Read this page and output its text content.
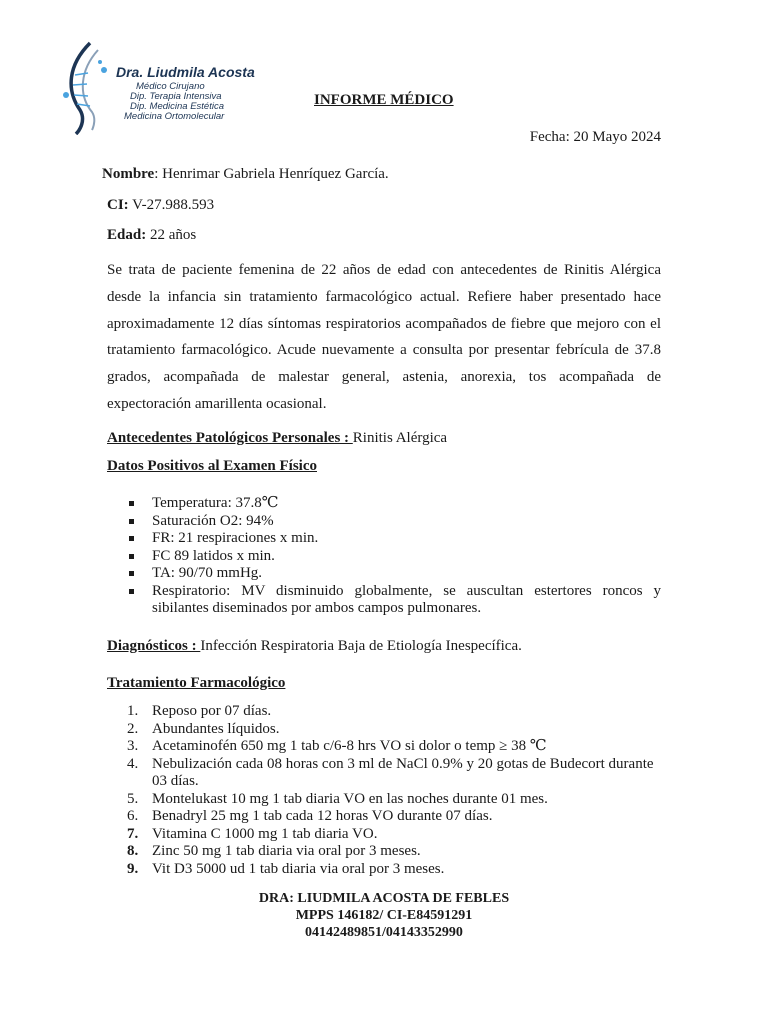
Dra. Liudmila Acosta
Médico Cirujano
Dip. Terapia Intensiva
Dip. Medicina Estética
Medicina Ortomolecular
INFORME MÉDICO
Fecha: 20 Mayo 2024
Nombre: Henrimar Gabriela Henríquez García.
CI: V-27.988.593
Edad: 22 años
Se trata de paciente femenina de 22 años de edad con antecedentes de Rinitis Alérgica desde la infancia sin tratamiento farmacológico actual. Refiere haber presentado hace aproximadamente 12 días síntomas respiratorios acompañados de fiebre que mejoro con el tratamiento farmacológico. Acude nuevamente a consulta por presentar febrícula de 37.8 grados, acompañada de malestar general, astenia, anorexia, tos acompañada de expectoración amarillenta ocasional.
Antecedentes Patológicos Personales : Rinitis Alérgica
Datos Positivos al Examen Físico
Temperatura: 37.8℃
Saturación O2: 94%
FR: 21 respiraciones x min.
FC 89 latidos x min.
TA: 90/70 mmHg.
Respiratorio: MV disminuido globalmente, se auscultan estertores roncos y sibilantes diseminados por ambos campos pulmonares.
Diagnósticos : Infección Respiratoria Baja de Etiología Inespecífica.
Tratamiento Farmacológico
1. Reposo por 07 días.
2. Abundantes líquidos.
3. Acetaminofén 650 mg 1 tab c/6-8 hrs VO si dolor o temp ≥ 38 ℃
4. Nebulización cada 08 horas con 3 ml de NaCl 0.9% y 20 gotas de Budecort durante 03 días.
5. Montelukast 10 mg 1 tab diaria VO en las noches durante 01 mes.
6. Benadryl 25 mg 1 tab cada 12 horas VO durante 07 días.
7. Vitamina C 1000 mg 1 tab diaria VO.
8. Zinc 50 mg 1 tab diaria via oral por 3 meses.
9. Vit D3 5000 ud 1 tab diaria via oral por 3 meses.
DRA: LIUDMILA ACOSTA DE FEBLES
MPPS 146182/ CI-E84591291
04142489851/04143352990
